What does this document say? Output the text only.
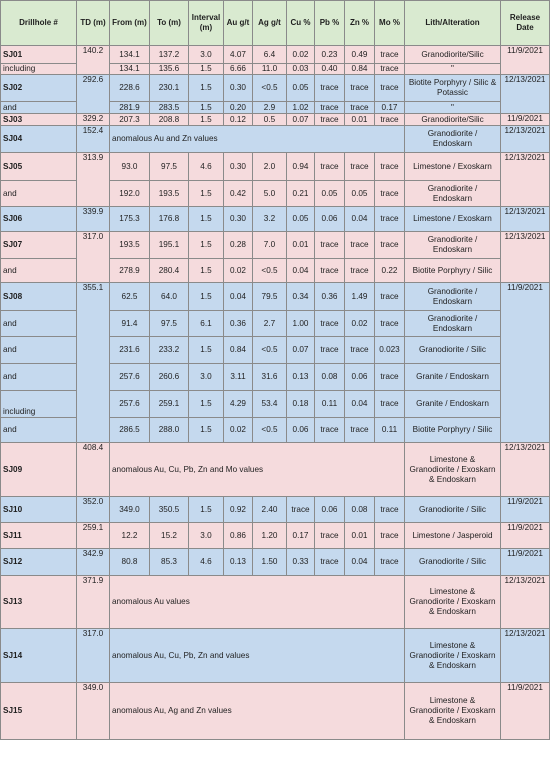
Drillhole #	TD (m)	From (m)	To (m)	Interval (m)	Au g/t	Ag g/t	Cu %	Pb %	Zn %	Mo %	Lith/Alteration	Release Date
SJ01	140.2	134.1	137.2	3.0	4.07	6.4	0.02	0.23	0.49	trace	Granodiorite/Silic	11/9/2021
including		134.1	135.6	1.5	6.66	11.0	0.03	0.40	0.84	trace	"	
SJ02	292.6	228.6	230.1	1.5	0.30	<0.5	0.05	trace	trace	trace	Biotite Porphyry / Silic & Potassic	12/13/2021
and		281.9	283.5	1.5	0.20	2.9	1.02	trace	trace	0.17	"	
SJ03	329.2	207.3	208.8	1.5	0.12	0.5	0.07	trace	0.01	trace	Granodiorite/Silic	11/9/2021
SJ04	152.4	anomalous Au and Zn values									Granodiorite / Endoskarn	12/13/2021
SJ05	313.9	93.0	97.5	4.6	0.30	2.0	0.94	trace	trace	trace	Limestone / Exoskarn	12/13/2021
and		192.0	193.5	1.5	0.42	5.0	0.21	0.05	0.05	trace	Granodiorite / Endoskarn	
SJ06	339.9	175.3	176.8	1.5	0.30	3.2	0.05	0.06	0.04	trace	Limestone / Exoskarn	12/13/2021
SJ07	317.0	193.5	195.1	1.5	0.28	7.0	0.01	trace	trace	trace	Granodiorite / Endoskarn	12/13/2021
and		278.9	280.4	1.5	0.02	<0.5	0.04	trace	trace	0.22	Biotite Porphyry / Silic	
SJ08	355.1	62.5	64.0	1.5	0.04	79.5	0.34	0.36	1.49	trace	Granodiorite / Endoskarn	11/9/2021
and		91.4	97.5	6.1	0.36	2.7	1.00	trace	0.02	trace	Granodiorite / Endoskarn	
and		231.6	233.2	1.5	0.84	<0.5	0.07	trace	trace	0.023	Granodiorite / Silic	
and		257.6	260.6	3.0	3.11	31.6	0.13	0.08	0.06	trace	Granite / Endoskarn	
including		257.6	259.1	1.5	4.29	53.4	0.18	0.11	0.04	trace	Granite / Endoskarn	
and		286.5	288.0	1.5	0.02	<0.5	0.06	trace	trace	0.11	Biotite Porphyry / Silic	
SJ09	408.4	anomalous Au, Cu, Pb, Zn and Mo values									Limestone & Granodiorite / Exoskarn & Endoskarn	12/13/2021
SJ10	352.0	349.0	350.5	1.5	0.92	2.40	trace	0.06	0.08	trace	Granodiorite / Silic	11/9/2021
SJ11	259.1	12.2	15.2	3.0	0.86	1.20	0.17	trace	0.01	trace	Limestone / Jasperoid	11/9/2021
SJ12	342.9	80.8	85.3	4.6	0.13	1.50	0.33	trace	0.04	trace	Granodiorite / Silic	11/9/2021
SJ13	371.9	anomalous Au values									Limestone & Granodiorite / Exoskarn & Endoskarn	12/13/2021
SJ14	317.0	anomalous Au, Cu, Pb, Zn and values									Limestone & Granodiorite / Exoskarn & Endoskarn	12/13/2021
SJ15	349.0	anomalous Au, Ag and Zn values									Limestone & Granodiorite / Exoskarn & Endoskarn	11/9/2021
